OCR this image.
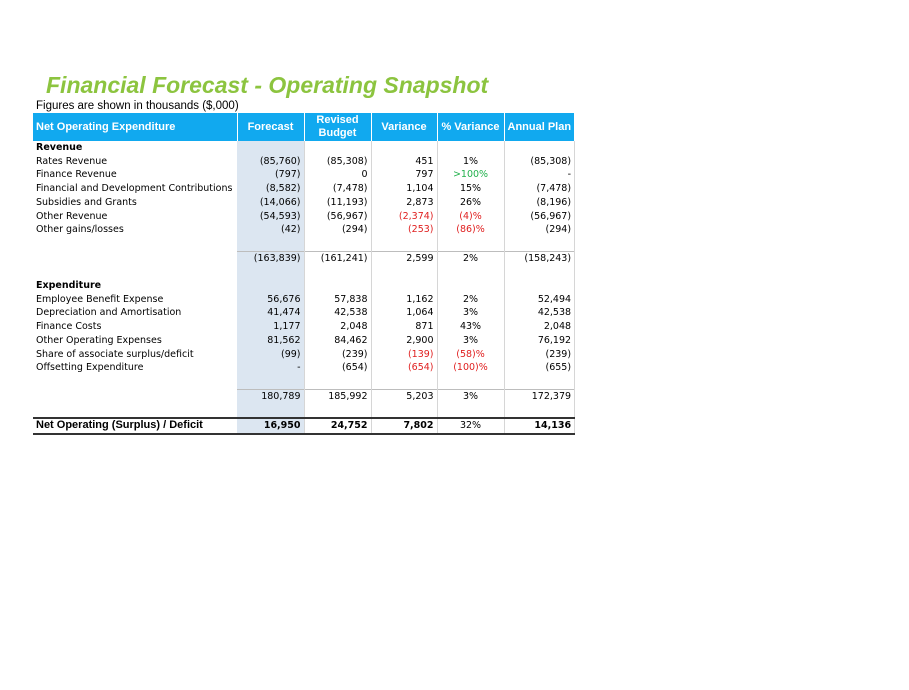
Financial Forecast - Operating Snapshot
Figures are shown in thousands ($,000)
Net Operating Expenditure	Forecast	Revised Budget	Variance	% Variance	Annual Plan
Revenue					
Rates Revenue	(85,760)	(85,308)	451	1%	(85,308)
Finance Revenue	(797)	0	797	>100%	-
Financial and Development Contributions	(8,582)	(7,478)	1,104	15%	(7,478)
Subsidies and Grants	(14,066)	(11,193)	2,873	26%	(8,196)
Other Revenue	(54,593)	(56,967)	(2,374)	(4)%	(56,967)
Other gains/losses	(42)	(294)	(253)	(86)%	(294)

	(163,839)	(161,241)	2,599	2%	(158,243)

Expenditure					
Employee Benefit Expense	56,676	57,838	1,162	2%	52,494
Depreciation and Amortisation	41,474	42,538	1,064	3%	42,538
Finance Costs	1,177	2,048	871	43%	2,048
Other Operating Expenses	81,562	84,462	2,900	3%	76,192
Share of associate surplus/deficit	(99)	(239)	(139)	(58)%	(239)
Offsetting Expenditure	-	(654)	(654)	(100)%	(655)

	180,789	185,992	5,203	3%	172,379

Net Operating (Surplus) / Deficit	16,950	24,752	7,802	32%	14,136
